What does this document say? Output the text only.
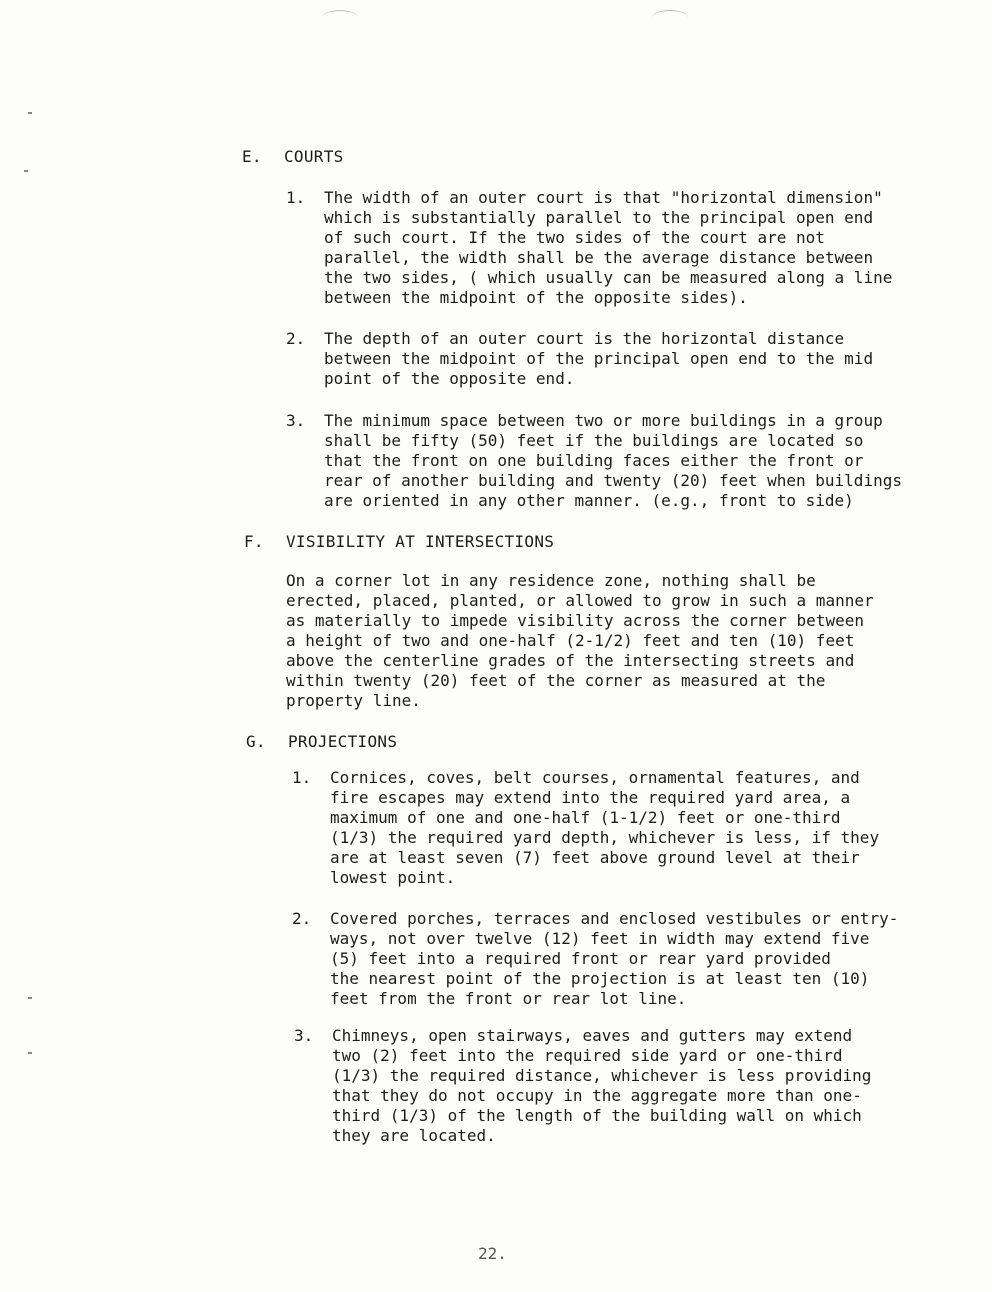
E. COURTS
1. The width of an outer court is that "horizontal dimension"
which is substantially parallel to the principal open end
of such court. If the two sides of the court are not
parallel, the width shall be the average distance between
the two sides, ( which usually can be measured along a line
between the midpoint of the opposite sides).
2. The depth of an outer court is the horizontal distance
between the midpoint of the principal open end to the mid
point of the opposite end.
3. The minimum space between two or more buildings in a group
shall be fifty (50) feet if the buildings are located so
that the front on one building faces either the front or
rear of another building and twenty (20) feet when buildings
are oriented in any other manner. (e.g., front to side)
F. VISIBILITY AT INTERSECTIONS
On a corner lot in any residence zone, nothing shall be
erected, placed, planted, or allowed to grow in such a manner
as materially to impede visibility across the corner between
a height of two and one-half (2-1/2) feet and ten (10) feet
above the centerline grades of the intersecting streets and
within twenty (20) feet of the corner as measured at the
property line.
G. PROJECTIONS
1. Cornices, coves, belt courses, ornamental features, and
fire escapes may extend into the required yard area, a
maximum of one and one-half (1-1/2) feet or one-third
(1/3) the required yard depth, whichever is less, if they
are at least seven (7) feet above ground level at their
lowest point.
2. Covered porches, terraces and enclosed vestibules or entry-
ways, not over twelve (12) feet in width may extend five
(5) feet into a required front or rear yard provided
the nearest point of the projection is at least ten (10)
feet from the front or rear lot line.
3. Chimneys, open stairways, eaves and gutters may extend
two (2) feet into the required side yard or one-third
(1/3) the required distance, whichever is less providing
that they do not occupy in the aggregate more than one-
third (1/3) of the length of the building wall on which
they are located.
22.
